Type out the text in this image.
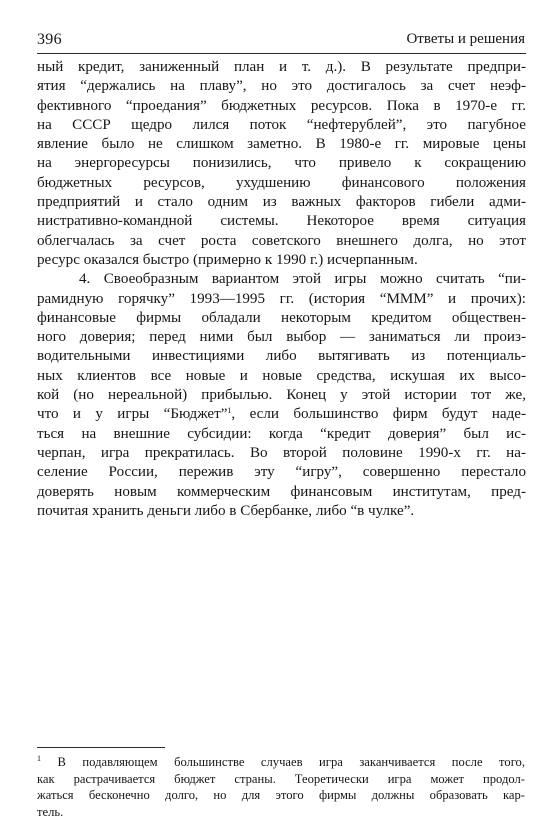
396	Ответы и решения
ный кредит, заниженный план и т. д.). В результате предпри-
ятия “держались на плаву”, но это достигалось за счет неэф-
фективного “проедания” бюджетных ресурсов. Пока в 1970-е гг.
на СССР щедро лился поток “нефтерублей”, это пагубное
явление было не слишком заметно. В 1980-е гг. мировые цены
на энергоресурсы понизились, что привело к сокращению
бюджетных ресурсов, ухудшению финансового положения
предприятий и стало одним из важных факторов гибели адми-
нистративно-командной системы. Некоторое время ситуация
облегчалась за счет роста советского внешнего долга, но этот
ресурс оказался быстро (примерно к 1990 г.) исчерпанным.
4. Своеобразным вариантом этой игры можно считать “пи-
рамидную горячку” 1993—1995 гг. (история “МММ” и прочих):
финансовые фирмы обладали некоторым кредитом обществен-
ного доверия; перед ними был выбор — заниматься ли произ-
водительными инвестициями либо вытягивать из потенциаль-
ных клиентов все новые и новые средства, искушая их высо-
кой (но нереальной) прибылью. Конец у этой истории тот же,
что и у игры “Бюджет”$^1$, если большинство фирм будут наде-
ться на внешние субсидии: когда “кредит доверия” был ис-
черпан, игра прекратилась. Во второй половине 1990-х гг. на-
селение России, пережив эту “игру”, совершенно перестало
доверять новым коммерческим финансовым институтам, пред-
почитая хранить деньги либо в Сбербанке, либо “в чулке”.
$^1$ В подавляющем большинстве случаев игра заканчивается после того,
как растрачивается бюджет страны. Теоретически игра может продол-
жаться бесконечно долго, но для этого фирмы должны образовать кар-
тель.
